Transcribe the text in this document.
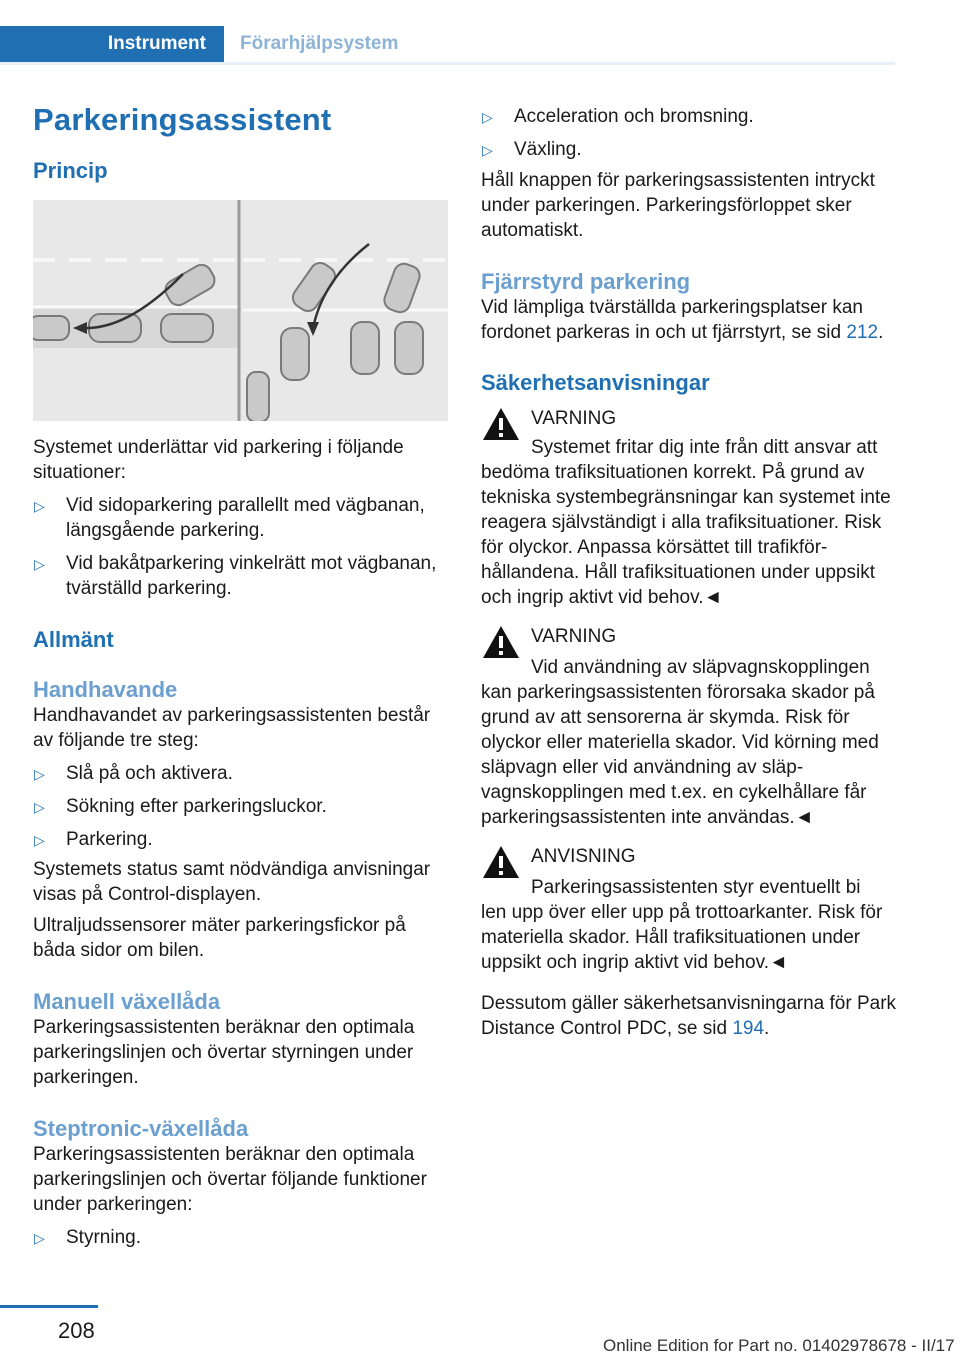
Instrument Förarhjälpsystem
Parkeringsassistent
Princip

Systemet underlättar vid parkering i följande situationer:

▷ Vid sidoparkering parallellt med vägbanan, längsgående parkering.
▷ Vid bakåtparkering vinkelrätt mot vägbanan, tvärställd parkering.
Allmänt
Handhavande

Handhavandet av parkeringsassistenten består av följande tre steg:

▷ Slå på och aktivera.
▷ Sökning efter parkeringsluckor.
▷ Parkering.

Systemets status samt nödvändiga anvisningar visas på Control-displayen.

Ultraljudssensorer mäter parkeringsfickor på båda sidor om bilen.

Manuell växellåda

Parkeringsassistenten beräknar den optimala parkeringslinjen och övertar styrningen under parkeringen.

Steptronic-växellåda

Parkeringsassistenten beräknar den optimala parkeringslinjen och övertar följande funktioner under parkeringen:

▷ Styrning.
▷ Acceleration och bromsning.
▷ Växling.

Håll knappen för parkeringsassistenten intryckt under parkeringen. Parkeringsförloppet sker automatiskt.

Fjärrstyrd parkering

Vid lämpliga tvärställda parkeringsplatser kan fordonet parkeras in och ut fjärrstyrt, se sid 212.

Säkerhetsanvisningar

VARNING

Systemet fritar dig inte från ditt ansvar att

bedöma trafiksituationen korrekt. På grund av tekniska systembegränsningar kan systemet inte reagera självständigt i alla trafiksituationer. Risk för olyckor. Anpassa körsättet till trafikförhållandena. Håll trafiksituationen under uppsikt och ingrip aktivt vid behov.◄

VARNING

Vid användning av släpvagnskopplingen

kan parkeringsassistenten förorsaka skador på grund av att sensorerna är skymda. Risk för olyckor eller materiella skador. Vid körning med släpvagn eller vid användning av släpvagnskopplingen med t.ex. en cykelhållare får parkeringsassistenten inte användas.◄

ANVISNING

Parkeringsassistenten styr eventuellt bi

len upp över eller upp på trottoarkanter. Risk för materiella skador. Håll trafiksituationen under uppsikt och ingrip aktivt vid behov.◄

Dessutom gäller säkerhetsanvisningarna för Park Distance Control PDC, se sid 194.

208
Online Edition for Part no. 01402978678 - II/17
